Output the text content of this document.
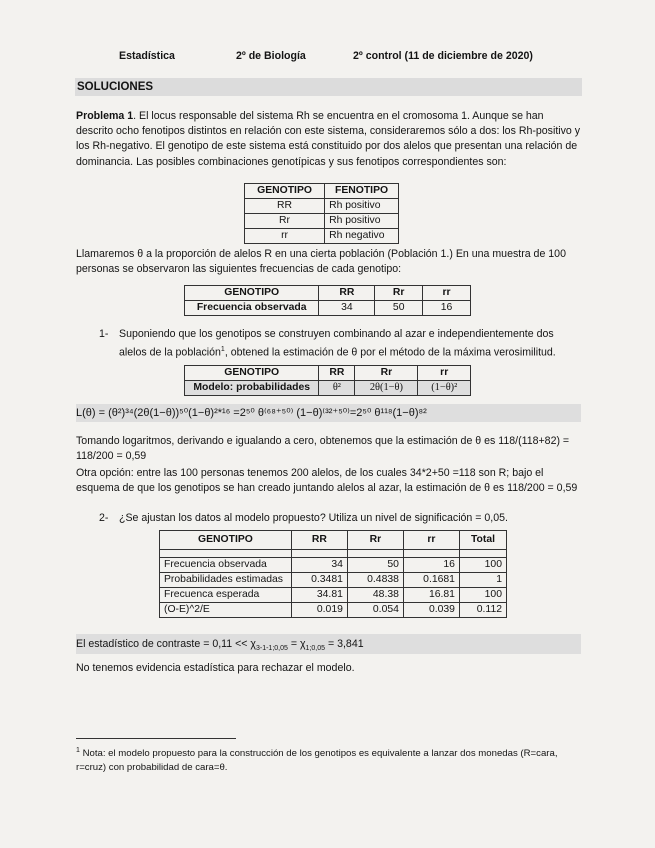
Estadística	2º de Biología	2º control (11 de diciembre de 2020)
SOLUCIONES

Problema 1. El locus responsable del sistema Rh se encuentra en el cromosoma 1. Aunque se han descrito ocho fenotipos distintos en relación con este sistema, consideraremos sólo a dos: los Rh-positivo y los Rh-negativo. El genotipo de este sistema está constituido por dos alelos que presentan una relación de dominancia. Las posibles combinaciones genotípicas y sus fenotipos correspondientes son:

GENOTIPO	FENOTIPO
RR	Rh positivo
Rr	Rh positivo
rr	Rh negativo

Llamaremos θ a la proporción de alelos R en una cierta población (Población 1.) En una muestra de 100 personas se observaron las siguientes frecuencias de cada genotipo:

GENOTIPO	RR	Rr	rr
Frecuencia observada	34	50	16
1- Suponiendo que los genotipos se construyen combinando al azar e independientemente dos alelos de la población$^1$, obtened la estimación de θ por el método de la máxima verosimilitud.
GENOTIPO	RR	Rr	rr
Modelo: probabilidades	θ²	2θ(1−θ)	(1−θ)²
L(θ) = (θ²)³⁴(2θ(1−θ))⁵⁰(1−θ)²*¹⁶ =2⁵⁰ θ⁽⁶⁸⁺⁵⁰⁾ (1−θ)⁽³²⁺⁵⁰⁾=2⁵⁰ θ¹¹⁸(1−θ)⁸²

Tomando logaritmos, derivando e igualando a cero, obtenemos que la estimación de θ es 118/(118+82) = 118/200 = 0,59

Otra opción: entre las 100 personas tenemos 200 alelos, de los cuales 34*2+50 =118 son R; bajo el esquema de que los genotipos se han creado juntando alelos al azar, la estimación de θ es 118/200 = 0,59

2- ¿Se ajustan los datos al modelo propuesto? Utiliza un nivel de significación = 0,05.
GENOTIPO	RR	Rr	rr	Total

Frecuencia observada	34	50	16	100
Probabilidades estimadas	0.3481	0.4838	0.1681	1
Frecuenca esperada	34.81	48.38	16.81	100
(O-E)^2/E	0.019	0.054	0.039	0.112
El estadístico de contraste = $0,11 << \chi_{3-1-1;0,05} = \chi_{1;0,05} = 3,841$

No tenemos evidencia estadística para rechazar el modelo.

$^1$ Nota: el modelo propuesto para la construcción de los genotipos es equivalente a lanzar dos monedas (R=cara, r=cruz) con probabilidad de cara=θ.
